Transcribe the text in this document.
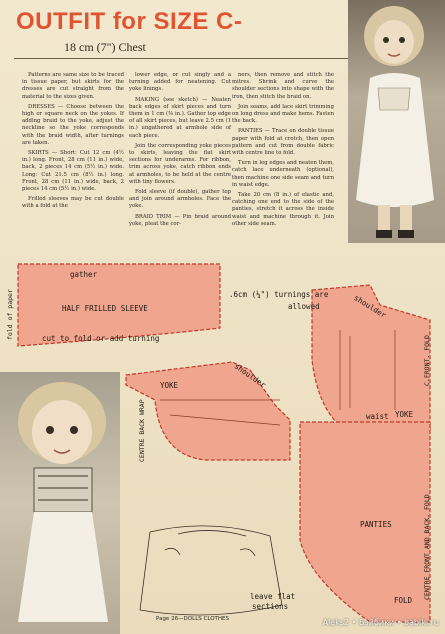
OUTFIT for SIZE C-
18 cm (7") Chest

Patterns are same size to be traced in tissue paper, but skirts for the dresses are cut straight from the material to the sizes given.

DRESSES — Choose between the high or square neck on the yokes. If adding braid to the yoke, adjust the neckline so the yoke corresponds with the braid width, after turnings are taken.

SKIRTS — Short: Cut 12 cm (4½ in.) long. Front, 28 cm (11 in.) wide, back, 2 pieces 14 cm (5½ in.) wide. Long: Cut 21.5 cm (8½ in.) long. Front, 28 cm (11 in.) wide, back, 2 pieces 14 cm (5½ in.) wide.

Frilled sleeves may be cut double with a fold at the

lower edge, or cut singly and a turning added for neatening. Cut yoke linings.

MAKING (see sketch) — Neaten back edges of skirt pieces and turn them in 1 cm (⅜ in.). Gather top edge of all skirt pieces, but leave 2.5 cm (1 in.) ungathered at armhole side of each piece.

Join the corresponding yoke pieces to skirts, leaving the flat skirt sections for underarms. For ribbon, trim across yoke, catch ribbon ends at armholes, to be held at the centre with tiny flowers.

Fold sleeve (if double), gather top and join around armholes. Face the yoke.

BRAID TRIM — Pin braid around yoke, pleat the cor-

ners, then remove and stitch the mitres. Shrink and curve the shoulder sections into shape with the iron, then stitch the braid on.

Join seams, add lace skirt trimming on long dress and make hems. Fasten the back.

PANTIES — Trace on double tissue paper with fold at crotch, then open pattern and cut from double fabric with centre line to fold.

Turn in leg edges and neaten them, catch lace underneath (optional), then machine one side seam and turn in waist edge.

Take 20 cm (8 in.) of elastic and, catching one end to the side of the panties, stretch it across the inside waist and machine through it. Join other side seam.

.6cm (¼") turnings are
allowed
gather
HALF FRILLED SLEEVE
cut to fold or add turning
fold of paper
YOKE	shoulder
CENTRE BACK WRAP	YOKE
shoulder
C.FRONT. FOLD
waist
PANTIES	CENTRE FRONT AND BACK. FOLD
FOLD
leave flat
sections
Page 26—DOLLS CLOTHES	Aleks2 • Бэйбики • babiki.ru
